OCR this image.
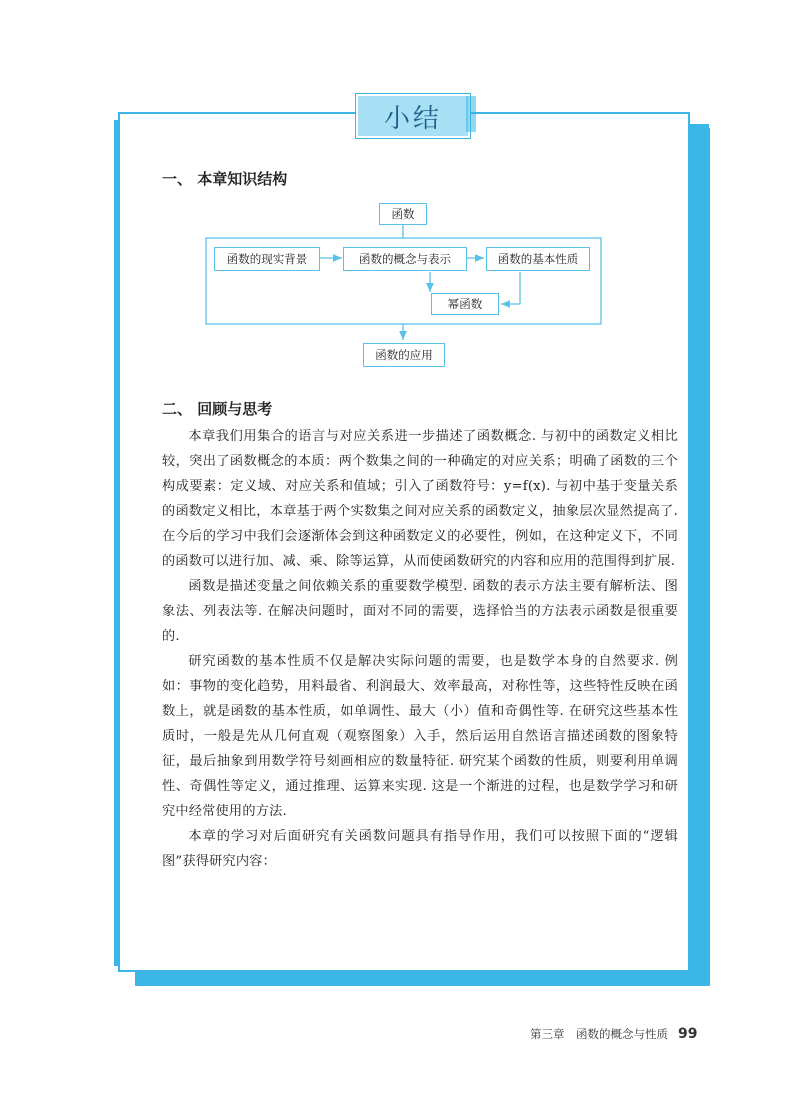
小结
一、 本章知识结构
函数
函数的现实背景	函数的概念与表示	函数的基本性质
幂函数
函数的应用
二、 回顾与思考

本章我们用集合的语言与对应关系进一步描述了函数概念. 与初中的函数定义相比较，突出了函数概念的本质：两个数集之间的一种确定的对应关系；明确了函数的三个构成要素：定义域、对应关系和值域；引入了函数符号：y=f(x). 与初中基于变量关系的函数定义相比，本章基于两个实数集之间对应关系的函数定义，抽象层次显然提高了. 在今后的学习中我们会逐渐体会到这种函数定义的必要性，例如，在这种定义下，不同的函数可以进行加、减、乘、除等运算，从而使函数研究的内容和应用的范围得到扩展.

函数是描述变量之间依赖关系的重要数学模型. 函数的表示方法主要有解析法、图象法、列表法等. 在解决问题时，面对不同的需要，选择恰当的方法表示函数是很重要的.

研究函数的基本性质不仅是解决实际问题的需要，也是数学本身的自然要求. 例如：事物的变化趋势，用料最省、利润最大、效率最高，对称性等，这些特性反映在函数上，就是函数的基本性质，如单调性、最大（小）值和奇偶性等. 在研究这些基本性质时，一般是先从几何直观（观察图象）入手，然后运用自然语言描述函数的图象特征，最后抽象到用数学符号刻画相应的数量特征. 研究某个函数的性质，则要利用单调性、奇偶性等定义，通过推理、运算来实现. 这是一个渐进的过程，也是数学学习和研究中经常使用的方法.

本章的学习对后面研究有关函数问题具有指导作用，我们可以按照下面的“逻辑图”获得研究内容：

第三章　函数的概念与性质 99
